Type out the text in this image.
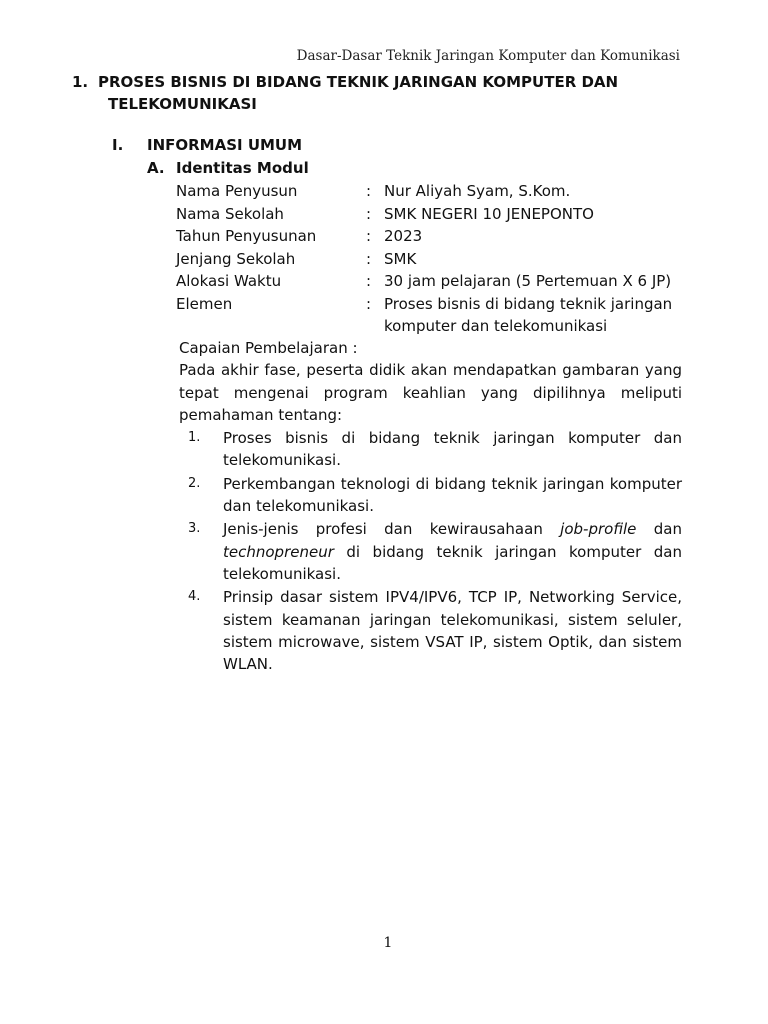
Dasar-Dasar Teknik Jaringan Komputer dan Komunikasi
1. PROSES BISNIS DI BIDANG TEKNIK JARINGAN KOMPUTER DAN
TELEKOMUNIKASI
I. INFORMASI UMUM
A. Identitas Modul
Nama Penyusun	: Nur Aliyah Syam, S.Kom.
Nama Sekolah	: SMK NEGERI 10 JENEPONTO
Tahun Penyusunan	: 2023
Jenjang Sekolah	: SMK
Alokasi Waktu	: 30 jam pelajaran (5 Pertemuan X 6 JP)
Elemen	: Proses bisnis di bidang teknik jaringan komputer dan telekomunikasi
Capaian Pembelajaran :
Pada akhir fase, peserta didik akan mendapatkan gambaran yang tepat mengenai program keahlian yang dipilihnya meliputi pemahaman tentang:
1.	Proses bisnis di bidang teknik jaringan komputer dan telekomunikasi.
2.	Perkembangan teknologi di bidang teknik jaringan komputer dan telekomunikasi.
3.	Jenis-jenis profesi dan kewirausahaan job-profile dan technopreneur di bidang teknik jaringan komputer dan telekomunikasi.
4.	Prinsip dasar sistem IPV4/IPV6, TCP IP, Networking Service, sistem keamanan jaringan telekomunikasi, sistem seluler, sistem microwave, sistem VSAT IP, sistem Optik, dan sistem WLAN.
1
